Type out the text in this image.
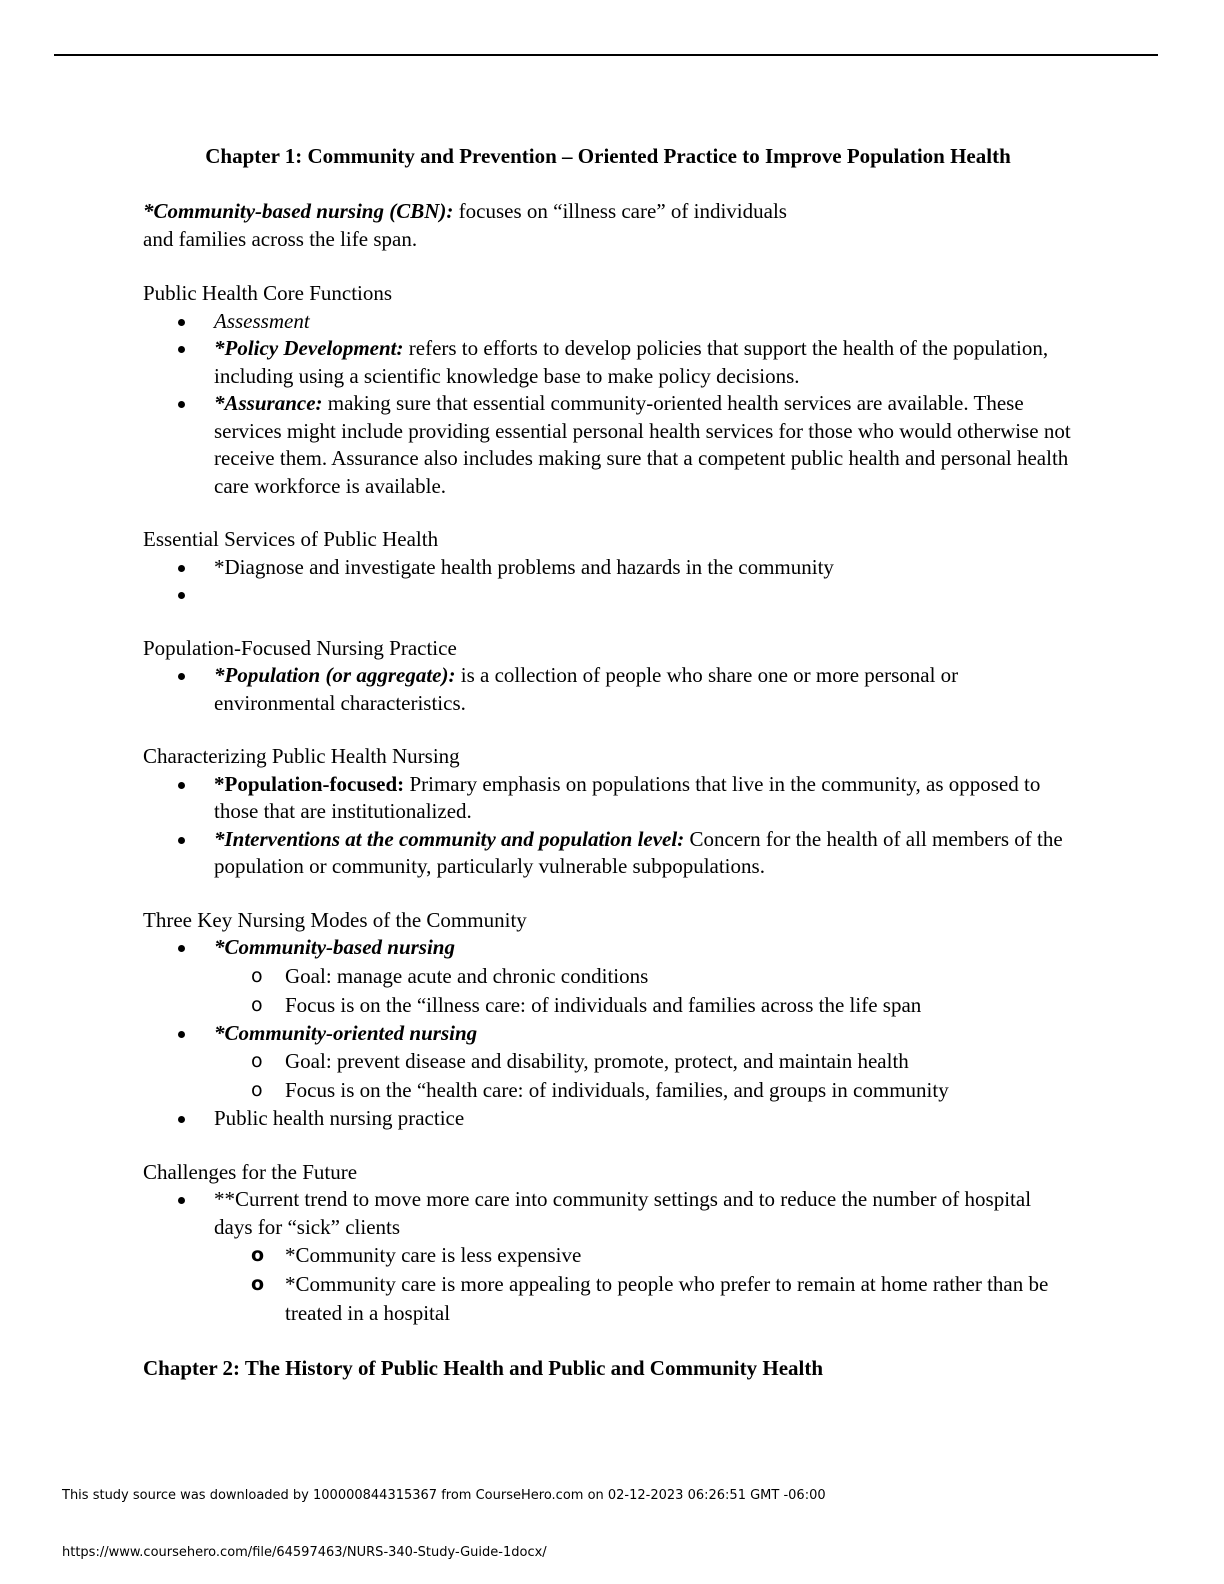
Chapter 1: Community and Prevention – Oriented Practice to Improve Population Health
*Community-based nursing (CBN): focuses on “illness care” of individuals
and families across the life span.
Public Health Core Functions
Assessment
*Policy Development: refers to efforts to develop policies that support the health of the population, including using a scientific knowledge base to make policy decisions.
*Assurance: making sure that essential community-oriented health services are available. These services might include providing essential personal health services for those who would otherwise not receive them. Assurance also includes making sure that a competent public health and personal health care workforce is available.
Essential Services of Public Health
*Diagnose and investigate health problems and hazards in the community
Population-Focused Nursing Practice
*Population (or aggregate): is a collection of people who share one or more personal or environmental characteristics.
Characterizing Public Health Nursing
*Population-focused: Primary emphasis on populations that live in the community, as opposed to those that are institutionalized.
*Interventions at the community and population level: Concern for the health of all members of the population or community, particularly vulnerable subpopulations.
Three Key Nursing Modes of the Community
*Community-based nursing
o Goal: manage acute and chronic conditions
o Focus is on the “illness care: of individuals and families across the life span
*Community-oriented nursing
o Goal: prevent disease and disability, promote, protect, and maintain health
o Focus is on the “health care: of individuals, families, and groups in community
Public health nursing practice
Challenges for the Future
**Current trend to move more care into community settings and to reduce the number of hospital days for “sick” clients
o *Community care is less expensive
o *Community care is more appealing to people who prefer to remain at home rather than be treated in a hospital
Chapter 2: The History of Public Health and Public and Community Health
This study source was downloaded by 100000844315367 from CourseHero.com on 02-12-2023 06:26:51 GMT -06:00
https://www.coursehero.com/file/64597463/NURS-340-Study-Guide-1docx/
